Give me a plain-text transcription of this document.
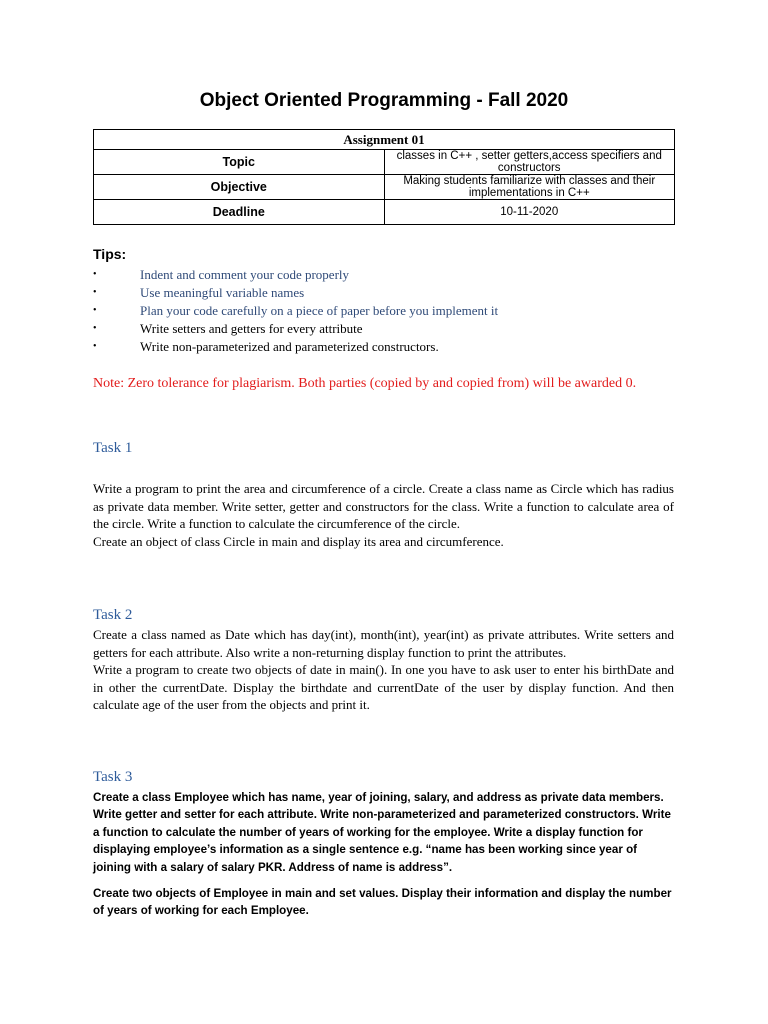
Object Oriented Programming - Fall 2020
Assignment 01	
Topic	classes in C++ , setter getters,access specifiers and constructors
Objective	Making students familiarize with classes and their implementations in C++
Deadline	10-11-2020
Tips:
•	Indent and comment your code properly
•	Use meaningful variable names
•	Plan your code carefully on a piece of paper before you implement it
•	Write setters and getters for every attribute
•	Write non-parameterized and parameterized constructors.
Note: Zero tolerance for plagiarism. Both parties (copied by and copied from) will be awarded 0.
Task 1

Write a program to print the area and circumference of a circle. Create a class name as Circle which has radius as private data member. Write setter, getter and constructors for the class. Write a function to calculate area of the circle. Write a function to calculate the circumference of the circle.

Create an object of class Circle in main and display its area and circumference.

Task 2

Create a class named as Date which has day(int), month(int), year(int) as private attributes. Write setters and getters for each attribute. Also write a non-returning display function to print the attributes.

Write a program to create two objects of date in main(). In one you have to ask user to enter his birthDate and in other the currentDate. Display the birthdate and currentDate of the user by display function. And then calculate age of the user from the objects and print it.

Task 3

Create a class Employee which has name, year of joining, salary, and address as private data members. Write getter and setter for each attribute. Write non-parameterized and parameterized constructors. Write a function to calculate the number of years of working for the employee. Write a display function for displaying employee’s information as a single sentence e.g. “name has been working since year of joining with a salary of salary PKR. Address of name is address”.

Create two objects of Employee in main and set values. Display their information and display the number of years of working for each Employee.
